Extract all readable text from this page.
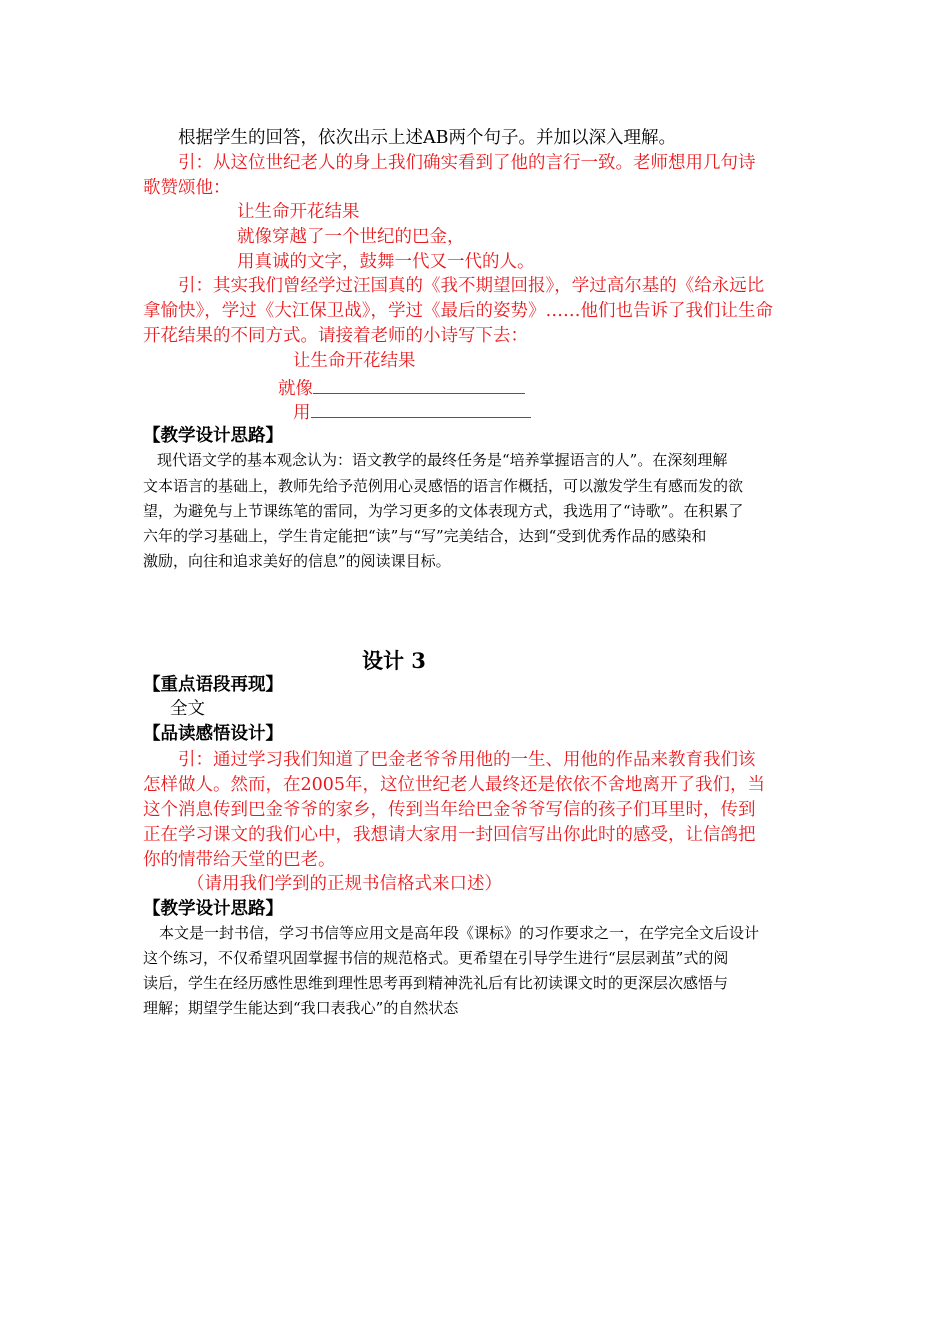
根据学生的回答，依次出示上述AB两个句子。并加以深入理解。
引：从这位世纪老人的身上我们确实看到了他的言行一致。老师想用几句诗
歌赞颂他：
让生命开花结果
就像穿越了一个世纪的巴金，
用真诚的文字，鼓舞一代又一代的人。
引：其实我们曾经学过汪国真的《我不期望回报》，学过高尔基的《给永远比
拿愉快》，学过《大江保卫战》，学过《最后的姿势》……他们也告诉了我们让生命
开花结果的不同方式。请接着老师的小诗写下去：
让生命开花结果
就像
用
【教学设计思路】
现代语文学的基本观念认为：语文教学的最终任务是“培养掌握语言的人”。在深刻理解
文本语言的基础上，教师先给予范例用心灵感悟的语言作概括，可以激发学生有感而发的欲
望，为避免与上节课练笔的雷同，为学习更多的文体表现方式，我选用了“诗歌”。在积累了
六年的学习基础上，学生肯定能把“读”与“写”完美结合，达到“受到优秀作品的感染和
激励，向往和追求美好的信息”的阅读课目标。
设计 3
【重点语段再现】
全文
【品读感悟设计】
引：通过学习我们知道了巴金老爷爷用他的一生、用他的作品来教育我们该
怎样做人。然而，在2005年，这位世纪老人最终还是依依不舍地离开了我们，当
这个消息传到巴金爷爷的家乡，传到当年给巴金爷爷写信的孩子们耳里时，传到
正在学习课文的我们心中，我想请大家用一封回信写出你此时的感受，让信鸽把
你的情带给天堂的巴老。
（请用我们学到的正规书信格式来口述）
【教学设计思路】
本文是一封书信，学习书信等应用文是高年段《课标》的习作要求之一，在学完全文后设计
这个练习，不仅希望巩固掌握书信的规范格式。更希望在引导学生进行“层层剥茧”式的阅
读后，学生在经历感性思维到理性思考再到精神洗礼后有比初读课文时的更深层次感悟与
理解；期望学生能达到“我口表我心”的自然状态
